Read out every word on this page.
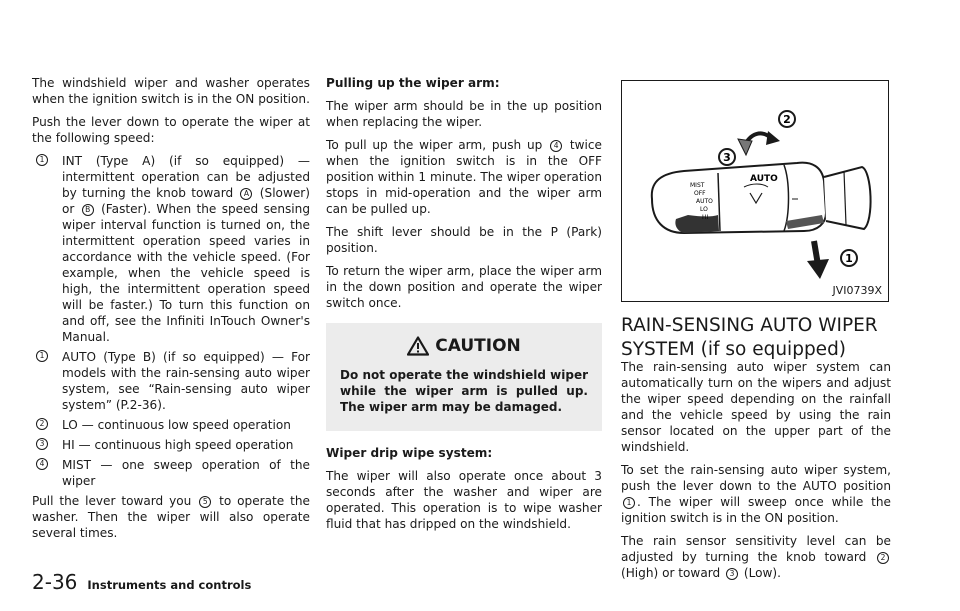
The windshield wiper and washer operates when the ignition switch is in the ON position.

Push the lever down to operate the wiper at the following speed:

1 INT (Type A) (if so equipped) — intermittent operation can be adjusted by turning the knob toward A (Slower) or B (Faster). When the speed sensing wiper interval function is turned on, the intermittent operation speed varies in accordance with the vehicle speed. (For example, when the vehicle speed is high, the intermittent operation speed will be faster.) To turn this function on and off, see the Infiniti InTouch Owner's Manual.
1 AUTO (Type B) (if so equipped) — For models with the rain-sensing auto wiper system, see “Rain-sensing auto wiper system” (P.2-36).
2 LO — continuous low speed operation
3 HI — continuous high speed operation
4 MIST — one sweep operation of the wiper

Pull the lever toward you 5 to operate the washer. Then the wiper will also operate several times.

Pulling up the wiper arm:

The wiper arm should be in the up position when replacing the wiper.

To pull up the wiper arm, push up 4 twice when the ignition switch is in the OFF position within 1 minute. The wiper operation stops in mid-operation and the wiper arm can be pulled up.

The shift lever should be in the P (Park) position.

To return the wiper arm, place the wiper arm in the down position and operate the wiper switch once.

CAUTION
Do not operate the windshield wiper while the wiper arm is pulled up. The wiper arm may be damaged.

Wiper drip wipe system:

The wiper will also operate once about 3 seconds after the washer and wiper are operated. This operation is to wipe washer fluid that has dripped on the windshield.

2
3
1
MIST
OFF
AUTO
LO
HI
AUTO
JVI0739X
RAIN-SENSING AUTO WIPER SYSTEM (if so equipped)

The rain-sensing auto wiper system can automatically turn on the wipers and adjust the wiper speed depending on the rainfall and the vehicle speed by using the rain sensor located on the upper part of the windshield.

To set the rain-sensing auto wiper system, push the lever down to the AUTO position 1 . The wiper will sweep once while the ignition switch is in the ON position.

The rain sensor sensitivity level can be adjusted by turning the knob toward 2 (High) or toward 3 (Low).

2-36 Instruments and controls
